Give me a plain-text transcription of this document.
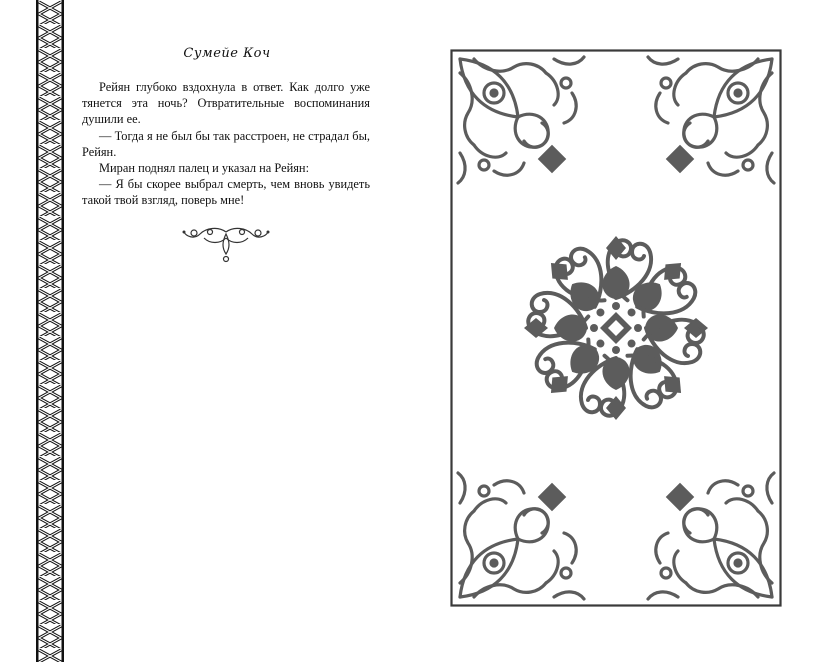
Сумейе Коч

Рейян глубоко вздохнула в ответ. Как долго уже тянется эта ночь? Отвратительные воспоминания душили ее.

— Тогда я не был бы так расстроен, не страдал бы, Рейян.

Миран поднял палец и указал на Рейян:

— Я бы скорее выбрал смерть, чем вновь увидеть такой твой взгляд, поверь мне!
